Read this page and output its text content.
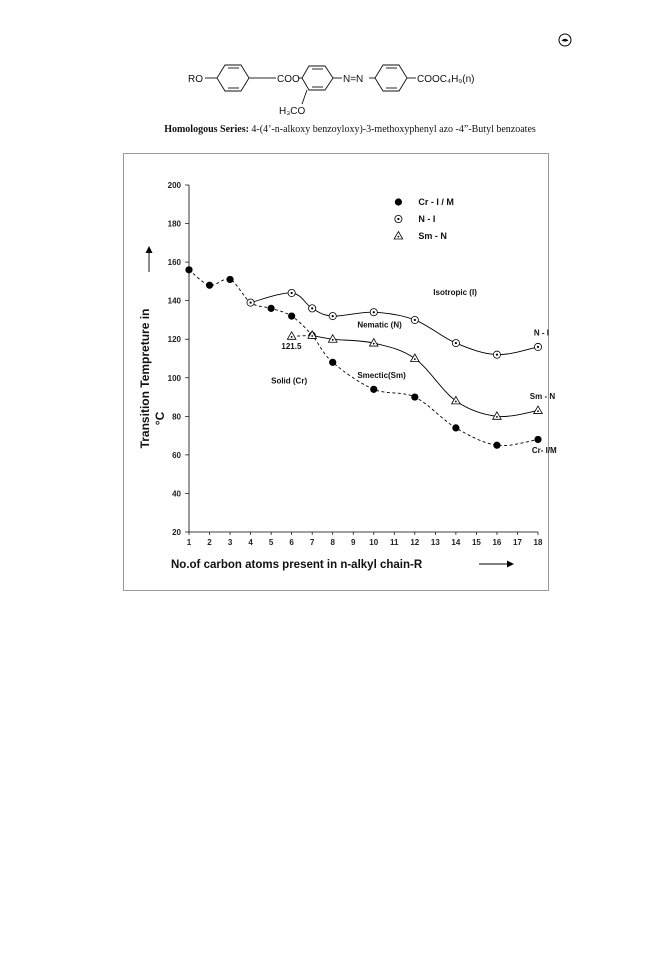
RO	COO	N=N	COOC₄H₉(n)
H₃CO
Homologous Series: 4-(4’-n-alkoxy benzoyloxy)-3-methoxyphenyl azo -4”-Butyl benzoates
20
40
60
80
100
120
140
160
180
200
1 2 3 4 5 6 7 8 9 10 11 12 13 14 15 16 17 18
Transition Tempreture in °C
No.of carbon atoms present in n-alkyl chain-R
Isotropic (I)
Nematic (N)
121.5
Smectic(Sm)
Solid (Cr)
N - I
Sm - N
Cr- I/M
Cr - I / M
N - I
Sm - N
